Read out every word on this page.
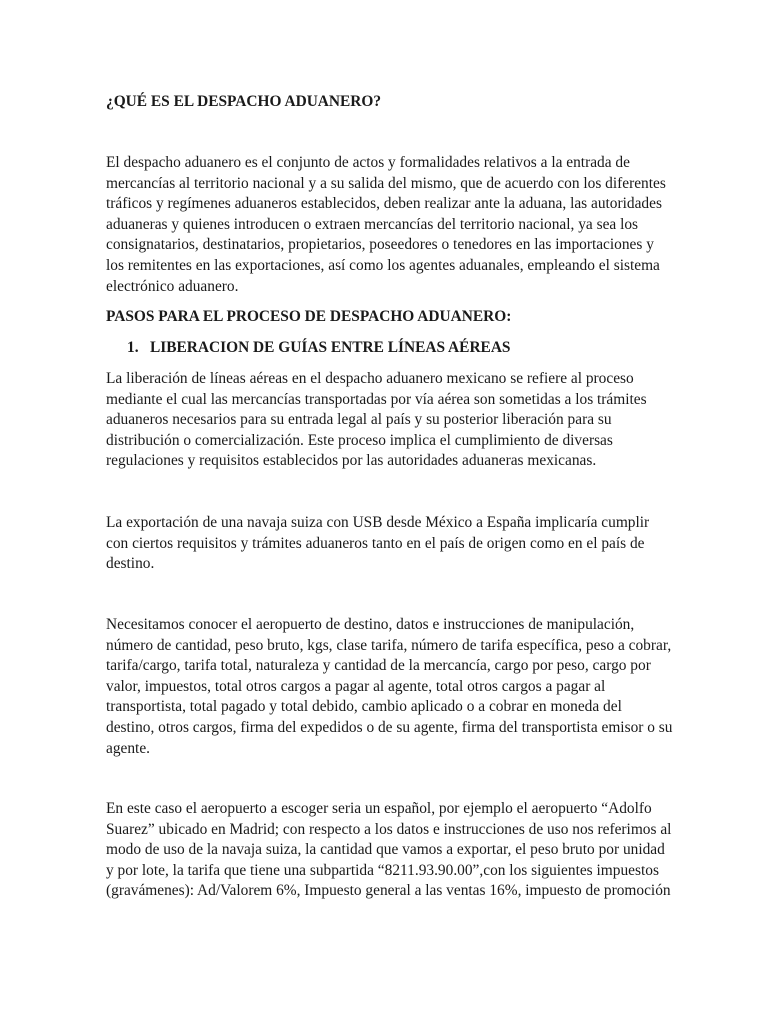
¿QUÉ ES EL DESPACHO ADUANERO?
El despacho aduanero es el conjunto de actos y formalidades relativos a la entrada de
mercancías al territorio nacional y a su salida del mismo, que de acuerdo con los diferentes
tráficos y regímenes aduaneros establecidos, deben realizar ante la aduana, las autoridades
aduaneras y quienes introducen o extraen mercancías del territorio nacional, ya sea los
consignatarios, destinatarios, propietarios, poseedores o tenedores en las importaciones y
los remitentes en las exportaciones, así como los agentes aduanales, empleando el sistema
electrónico aduanero.
PASOS PARA EL PROCESO DE DESPACHO ADUANERO:
1. LIBERACION DE GUÍAS ENTRE LÍNEAS AÉREAS
La liberación de líneas aéreas en el despacho aduanero mexicano se refiere al proceso
mediante el cual las mercancías transportadas por vía aérea son sometidas a los trámites
aduaneros necesarios para su entrada legal al país y su posterior liberación para su
distribución o comercialización. Este proceso implica el cumplimiento de diversas
regulaciones y requisitos establecidos por las autoridades aduaneras mexicanas.
La exportación de una navaja suiza con USB desde México a España implicaría cumplir
con ciertos requisitos y trámites aduaneros tanto en el país de origen como en el país de
destino.
Necesitamos conocer el aeropuerto de destino, datos e instrucciones de manipulación,
número de cantidad, peso bruto, kgs, clase tarifa, número de tarifa específica, peso a cobrar,
tarifa/cargo, tarifa total, naturaleza y cantidad de la mercancía, cargo por peso, cargo por
valor, impuestos, total otros cargos a pagar al agente, total otros cargos a pagar al
transportista, total pagado y total debido, cambio aplicado o a cobrar en moneda del
destino, otros cargos, firma del expedidos o de su agente, firma del transportista emisor o su
agente.
En este caso el aeropuerto a escoger seria un español, por ejemplo el aeropuerto “Adolfo
Suarez” ubicado en Madrid; con respecto a los datos e instrucciones de uso nos referimos al
modo de uso de la navaja suiza, la cantidad que vamos a exportar, el peso bruto por unidad
y por lote, la tarifa que tiene una subpartida “8211.93.90.00”,con los siguientes impuestos
(gravámenes): Ad/Valorem 6%, Impuesto general a las ventas 16%, impuesto de promoción
